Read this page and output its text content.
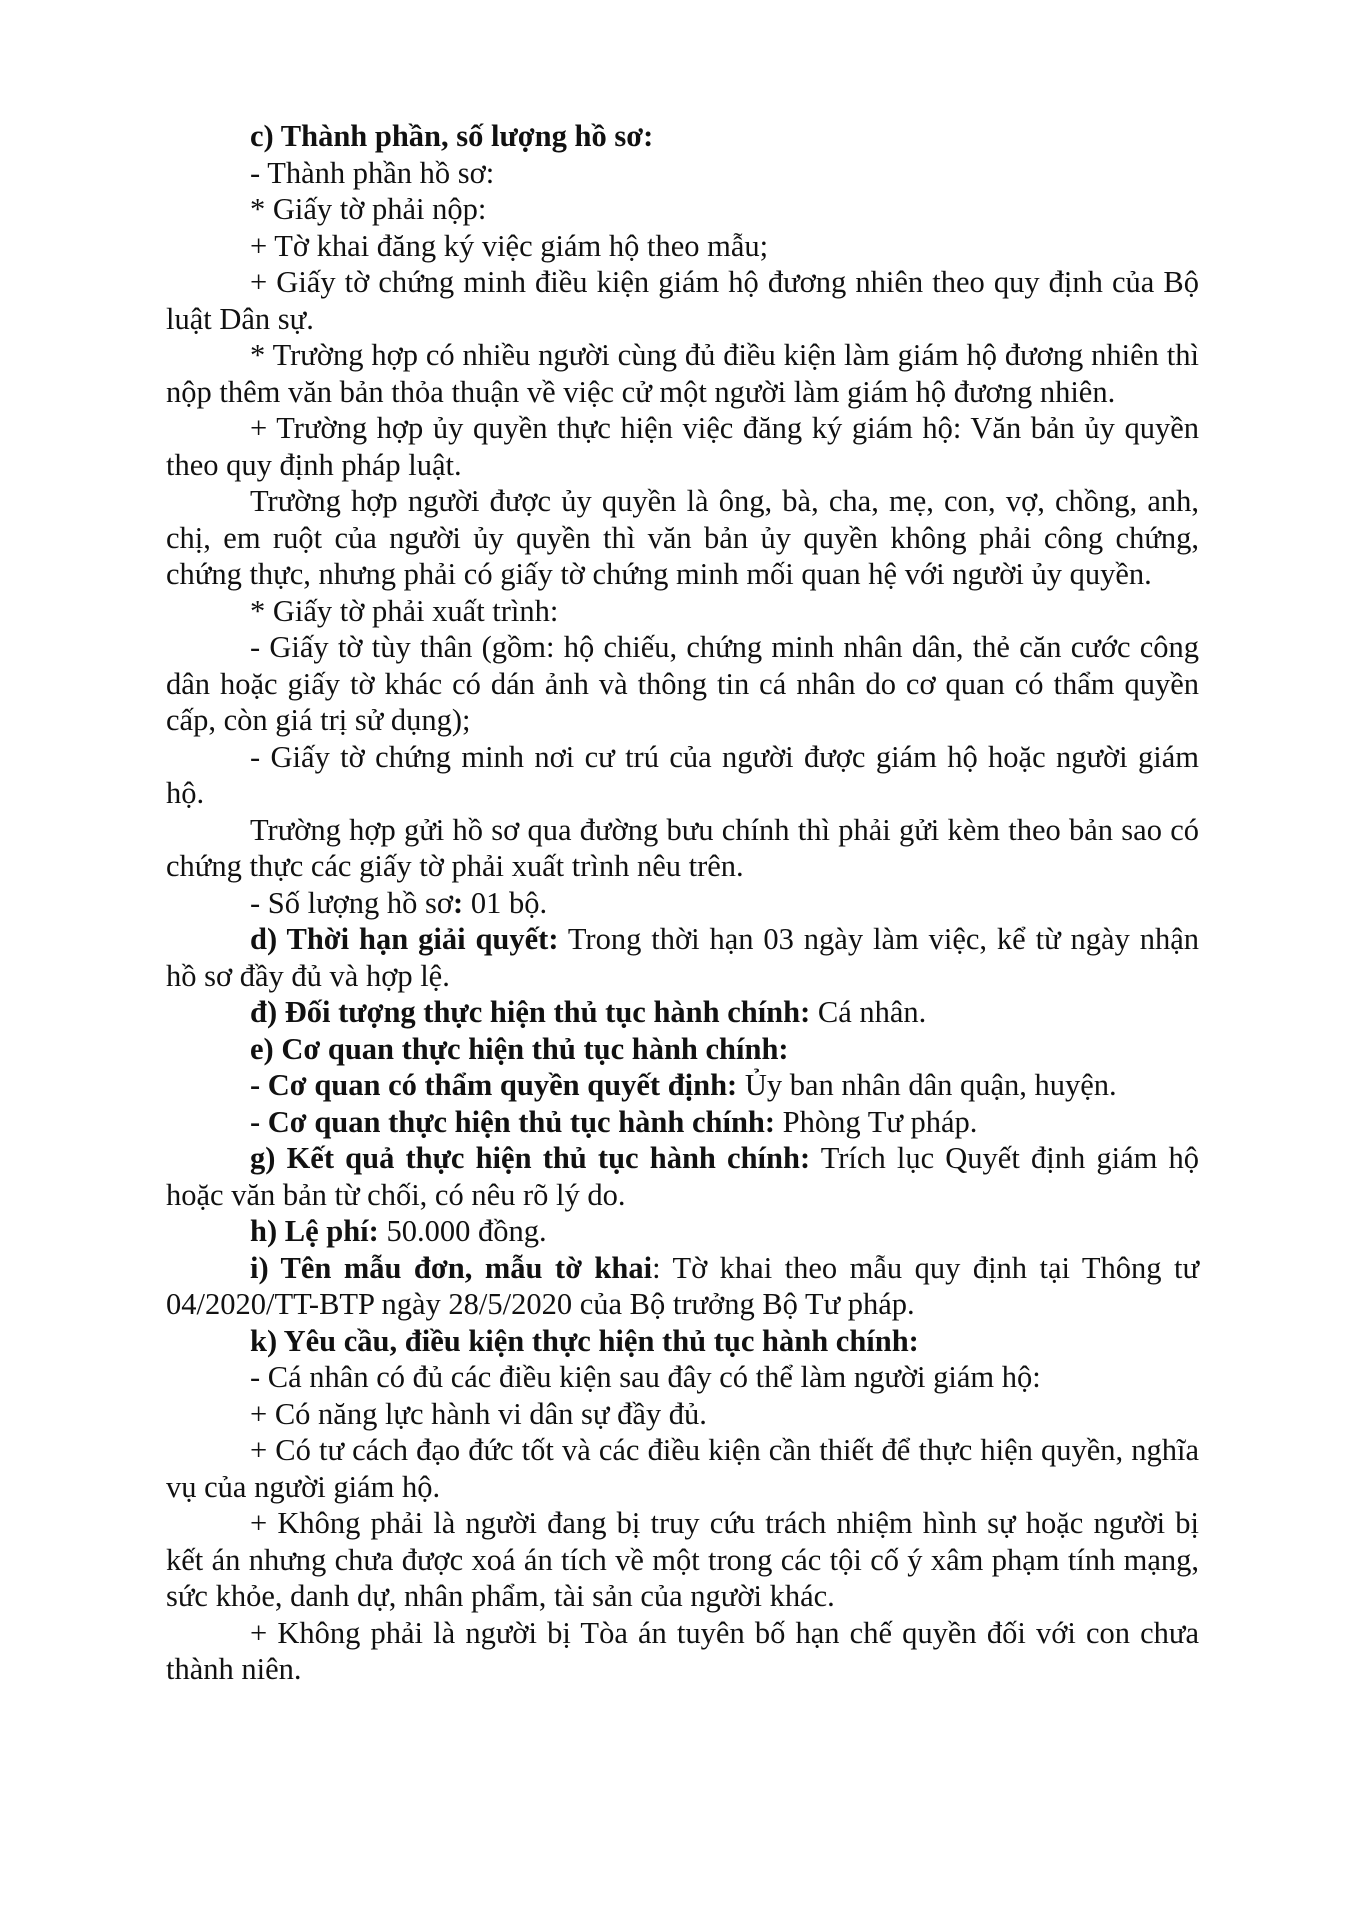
c) Thành phần, số lượng hồ sơ:

- Thành phần hồ sơ:

* Giấy tờ phải nộp:

+ Tờ khai đăng ký việc giám hộ theo mẫu;

+ Giấy tờ chứng minh điều kiện giám hộ đương nhiên theo quy định của Bộ luật Dân sự.

* Trường hợp có nhiều người cùng đủ điều kiện làm giám hộ đương nhiên thì nộp thêm văn bản thỏa thuận về việc cử một người làm giám hộ đương nhiên.

+ Trường hợp ủy quyền thực hiện việc đăng ký giám hộ: Văn bản ủy quyền theo quy định pháp luật.

Trường hợp người được ủy quyền là ông, bà, cha, mẹ, con, vợ, chồng, anh, chị, em ruột của người ủy quyền thì văn bản ủy quyền không phải công chứng, chứng thực, nhưng phải có giấy tờ chứng minh mối quan hệ với người ủy quyền.

* Giấy tờ phải xuất trình:

- Giấy tờ tùy thân (gồm: hộ chiếu, chứng minh nhân dân, thẻ căn cước công dân hoặc giấy tờ khác có dán ảnh và thông tin cá nhân do cơ quan có thẩm quyền cấp, còn giá trị sử dụng);

- Giấy tờ chứng minh nơi cư trú của người được giám hộ hoặc người giám hộ.

Trường hợp gửi hồ sơ qua đường bưu chính thì phải gửi kèm theo bản sao có chứng thực các giấy tờ phải xuất trình nêu trên.

- Số lượng hồ sơ: 01 bộ.

d) Thời hạn giải quyết: Trong thời hạn 03 ngày làm việc, kể từ ngày nhận hồ sơ đầy đủ và hợp lệ.

đ) Đối tượng thực hiện thủ tục hành chính: Cá nhân.

e) Cơ quan thực hiện thủ tục hành chính:

- Cơ quan có thẩm quyền quyết định: Ủy ban nhân dân quận, huyện.

- Cơ quan thực hiện thủ tục hành chính: Phòng Tư pháp.

g) Kết quả thực hiện thủ tục hành chính: Trích lục Quyết định giám hộ hoặc văn bản từ chối, có nêu rõ lý do.

h) Lệ phí: 50.000 đồng.

i) Tên mẫu đơn, mẫu tờ khai: Tờ khai theo mẫu quy định tại Thông tư 04/2020/TT-BTP ngày 28/5/2020 của Bộ trưởng Bộ Tư pháp.

k) Yêu cầu, điều kiện thực hiện thủ tục hành chính:

- Cá nhân có đủ các điều kiện sau đây có thể làm người giám hộ:

+ Có năng lực hành vi dân sự đầy đủ.

+ Có tư cách đạo đức tốt và các điều kiện cần thiết để thực hiện quyền, nghĩa vụ của người giám hộ.

+ Không phải là người đang bị truy cứu trách nhiệm hình sự hoặc người bị kết án nhưng chưa được xoá án tích về một trong các tội cố ý xâm phạm tính mạng, sức khỏe, danh dự, nhân phẩm, tài sản của người khác.

+ Không phải là người bị Tòa án tuyên bố hạn chế quyền đối với con chưa thành niên.
